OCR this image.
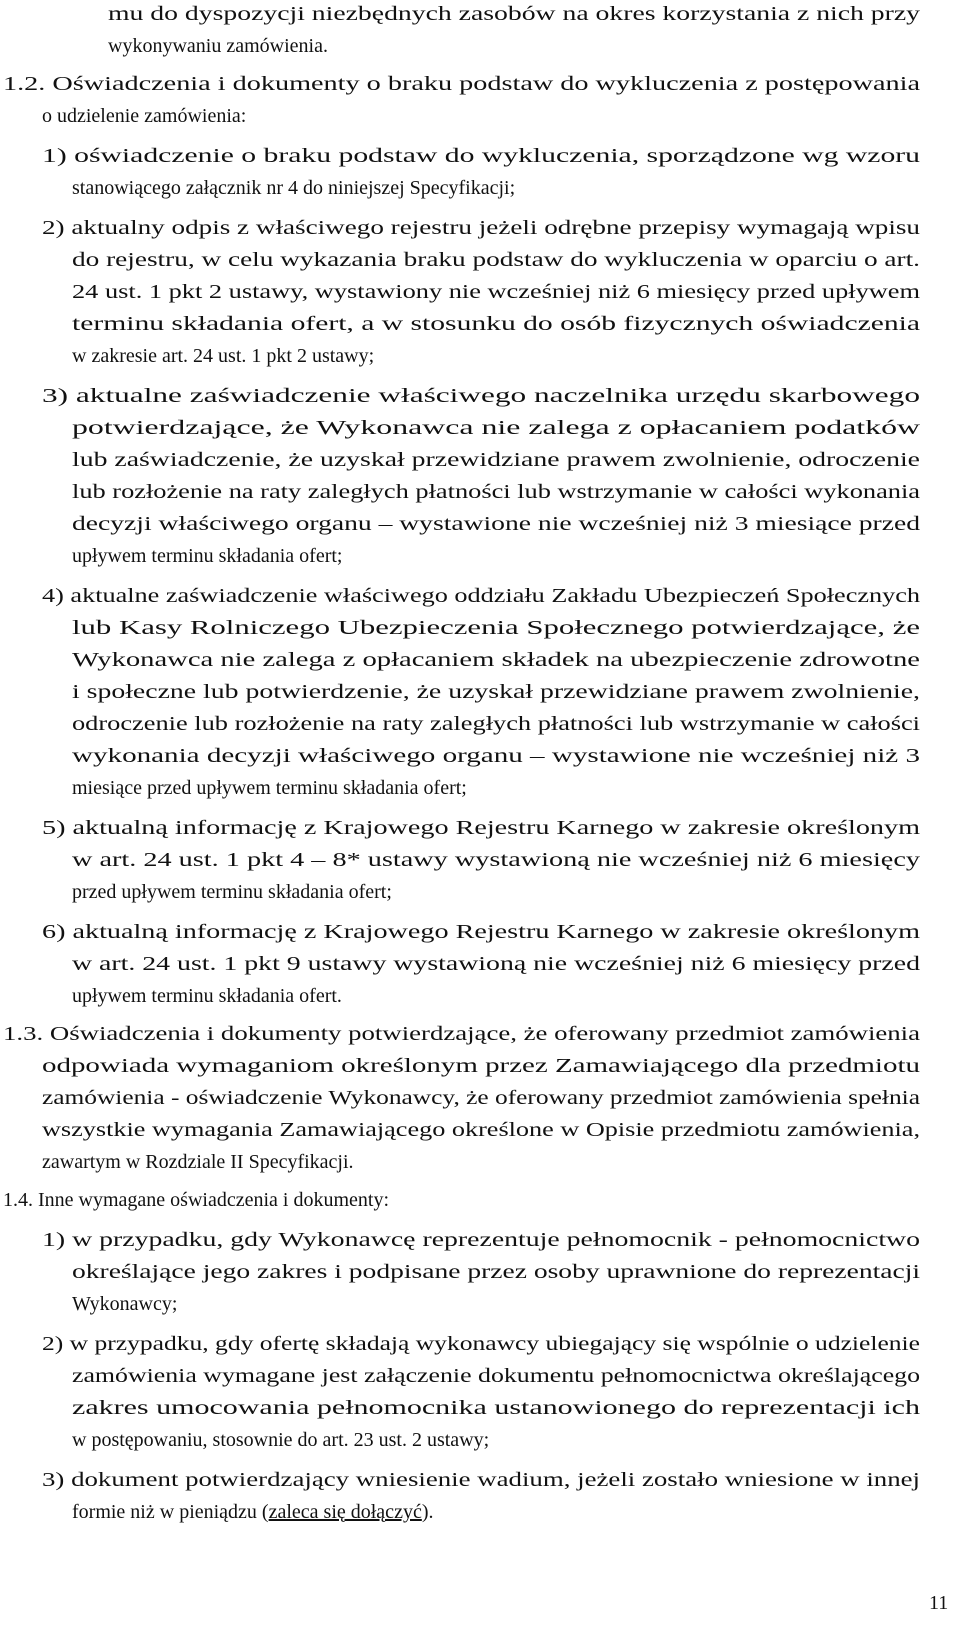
mu do dyspozycji niezbędnych zasobów na okres korzystania z nich przy
wykonywaniu zamówienia.
1.2. Oświadczenia i dokumenty o braku podstaw do wykluczenia z postępowania
o udzielenie zamówienia:
1) oświadczenie o braku podstaw do wykluczenia, sporządzone wg wzoru
stanowiącego załącznik nr 4 do niniejszej Specyfikacji;
2) aktualny odpis z właściwego rejestru jeżeli odrębne przepisy wymagają wpisu
do rejestru, w celu wykazania braku podstaw do wykluczenia w oparciu o art.
24 ust. 1 pkt 2 ustawy, wystawiony nie wcześniej niż 6 miesięcy przed upływem
terminu składania ofert, a w stosunku do osób fizycznych oświadczenia
w zakresie art. 24 ust. 1 pkt 2 ustawy;
3) aktualne zaświadczenie właściwego naczelnika urzędu skarbowego
potwierdzające, że Wykonawca nie zalega z opłacaniem podatków
lub zaświadczenie, że uzyskał przewidziane prawem zwolnienie, odroczenie
lub rozłożenie na raty zaległych płatności lub wstrzymanie w całości wykonania
decyzji właściwego organu – wystawione nie wcześniej niż 3 miesiące przed
upływem terminu składania ofert;
4) aktualne zaświadczenie właściwego oddziału Zakładu Ubezpieczeń Społecznych
lub Kasy Rolniczego Ubezpieczenia Społecznego potwierdzające, że
Wykonawca nie zalega z opłacaniem składek na ubezpieczenie zdrowotne
i społeczne lub potwierdzenie, że uzyskał przewidziane prawem zwolnienie,
odroczenie lub rozłożenie na raty zaległych płatności lub wstrzymanie w całości
wykonania decyzji właściwego organu – wystawione nie wcześniej niż 3
miesiące przed upływem terminu składania ofert;
5) aktualną informację z Krajowego Rejestru Karnego w zakresie określonym
w art. 24 ust. 1 pkt 4 – 8* ustawy wystawioną nie wcześniej niż 6 miesięcy
przed upływem terminu składania ofert;
6) aktualną informację z Krajowego Rejestru Karnego w zakresie określonym
w art. 24 ust. 1 pkt 9 ustawy wystawioną nie wcześniej niż 6 miesięcy przed
upływem terminu składania ofert.
1.3. Oświadczenia i dokumenty potwierdzające, że oferowany przedmiot zamówienia
odpowiada wymaganiom określonym przez Zamawiającego dla przedmiotu
zamówienia - oświadczenie Wykonawcy, że oferowany przedmiot zamówienia spełnia
wszystkie wymagania Zamawiającego określone w Opisie przedmiotu zamówienia,
zawartym w Rozdziale II Specyfikacji.
1.4. Inne wymagane oświadczenia i dokumenty:
1) w przypadku, gdy Wykonawcę reprezentuje pełnomocnik - pełnomocnictwo
określające jego zakres i podpisane przez osoby uprawnione do reprezentacji
Wykonawcy;
2) w przypadku, gdy ofertę składają wykonawcy ubiegający się wspólnie o udzielenie
zamówienia wymagane jest załączenie dokumentu pełnomocnictwa określającego
zakres umocowania pełnomocnika ustanowionego do reprezentacji ich
w postępowaniu, stosownie do art. 23 ust. 2 ustawy;
3) dokument potwierdzający wniesienie wadium, jeżeli zostało wniesione w innej
formie niż w pieniądzu (zaleca się dołączyć).
11
